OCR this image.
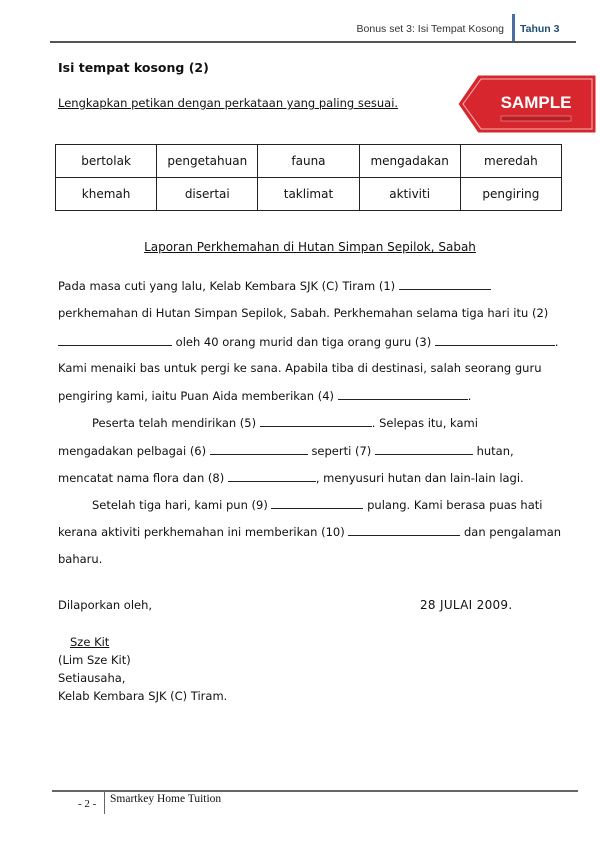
Bonus set 3: Isi Tempat Kosong Tahun 3
Isi tempat kosong (2)
Lengkapkan petikan dengan perkataan yang paling sesuai.	SAMPLE
bertolak	pengetahuan	fauna	mengadakan	meredah
khemah	disertai	taklimat	aktiviti	pengiring
Laporan Perkhemahan di Hutan Simpan Sepilok, Sabah
Pada masa cuti yang lalu, Kelab Kembara SJK (C) Tiram (1)
perkhemahan di Hutan Simpan Sepilok, Sabah. Perkhemahan selama tiga hari itu (2)
oleh 40 orang murid dan tiga orang guru (3)	.
Kami menaiki bas untuk pergi ke sana. Apabila tiba di destinasi, salah seorang guru
pengiring kami, iaitu Puan Aida memberikan (4)	.
Peserta telah mendirikan (5)	. Selepas itu, kami
mengadakan pelbagai (6)	seperti (7)	hutan,
mencatat nama flora dan (8)	, menyusuri hutan dan lain-lain lagi.
Setelah tiga hari, kami pun (9)	pulang. Kami berasa puas hati
kerana aktiviti perkhemahan ini memberikan (10)	dan pengalaman
baharu.
Dilaporkan oleh,	28 JULAI 2009.
Sze Kit
(Lim Sze Kit)
Setiausaha,
Kelab Kembara SJK (C) Tiram.
- 2 - Smartkey Home Tuition
